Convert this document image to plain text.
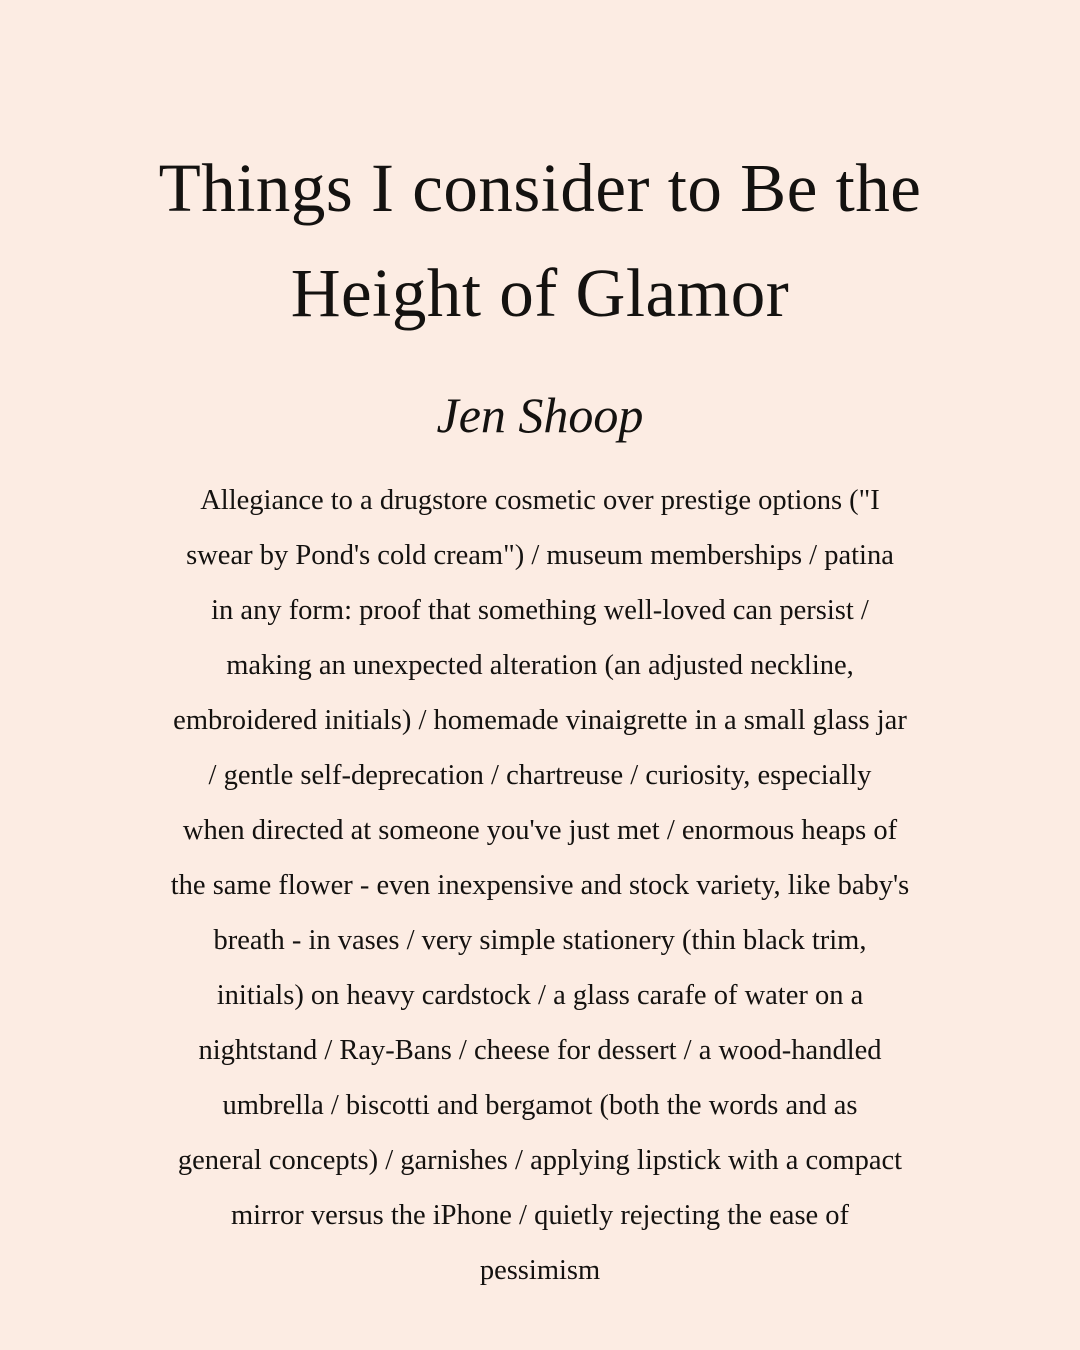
Things I consider to Be the
Height of Glamor
Jen Shoop
Allegiance to a drugstore cosmetic over prestige options ("I
swear by Pond's cold cream") / museum memberships / patina
in any form: proof that something well-loved can persist /
making an unexpected alteration (an adjusted neckline,
embroidered initials) / homemade vinaigrette in a small glass jar
/ gentle self-deprecation / chartreuse / curiosity, especially
when directed at someone you've just met / enormous heaps of
the same flower - even inexpensive and stock variety, like baby's
breath - in vases / very simple stationery (thin black trim,
initials) on heavy cardstock / a glass carafe of water on a
nightstand / Ray-Bans / cheese for dessert / a wood-handled
umbrella / biscotti and bergamot (both the words and as
general concepts) / garnishes / applying lipstick with a compact
mirror versus the iPhone / quietly rejecting the ease of
pessimism
